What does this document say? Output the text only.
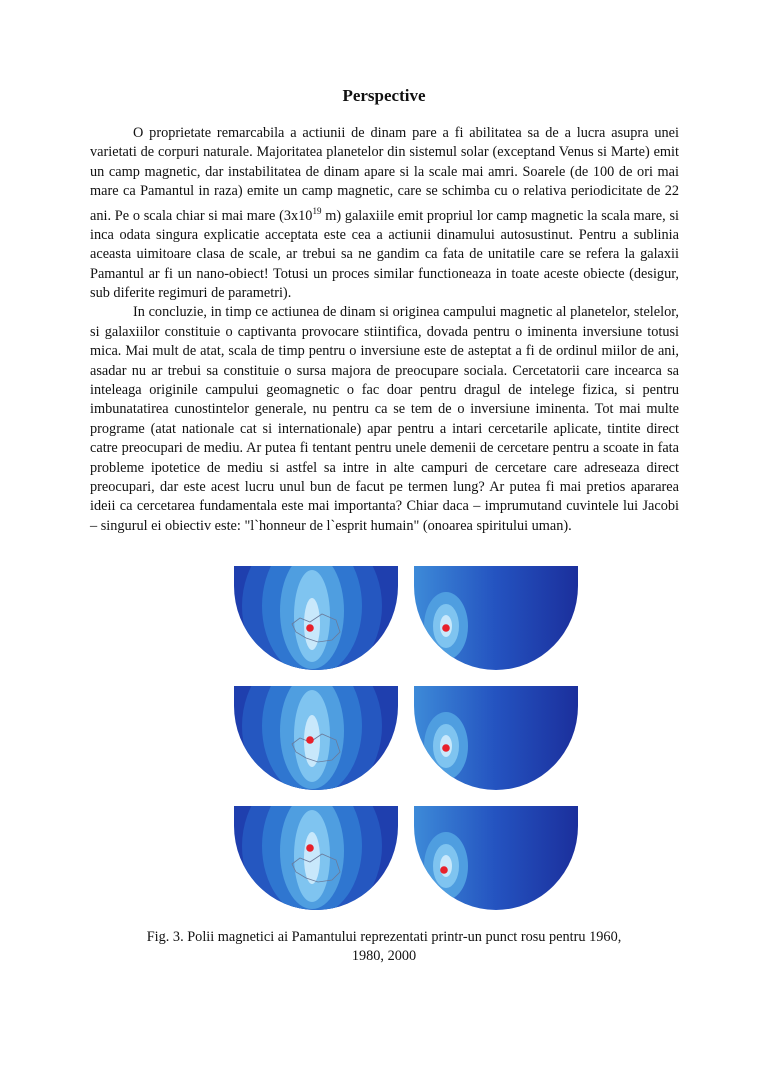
Perspective

O proprietate remarcabila a actiunii de dinam pare a fi abilitatea sa de a lucra asupra unei varietati de corpuri naturale. Majoritatea planetelor din sistemul solar (exceptand Venus si Marte) emit un camp magnetic, dar instabilitatea de dinam apare si la scale mai amri. Soarele (de 100 de ori mai mare ca Pamantul in raza) emite un camp magnetic, care se schimba cu o relativa periodicitate de 22 ani. Pe o scala chiar si mai mare ($3x10^{19}$ m) galaxiile emit propriul lor camp magnetic la scala mare, si inca odata singura explicatie acceptata este cea a actiunii dinamului autosustinut. Pentru a sublinia aceasta uimitoare clasa de scale, ar trebui sa ne gandim ca fata de unitatile care se refera la galaxii Pamantul ar fi un nano-obiect! Totusi un proces similar functioneaza in toate aceste obiecte (desigur, sub diferite regimuri de parametri).

In concluzie, in timp ce actiunea de dinam si originea campului magnetic al planetelor, stelelor, si galaxiilor constituie o captivanta provocare stiintifica, dovada pentru o iminenta inversiune totusi mica. Mai mult de atat, scala de timp pentru o inversiune este de asteptat a fi de ordinul miilor de ani, asadar nu ar trebui sa constituie o sursa majora de preocupare sociala. Cercetatorii care incearca sa inteleaga originile campului geomagnetic o fac doar pentru dragul de intelege fizica, si pentru imbunatatirea cunostintelor generale, nu pentru ca se tem de o inversiune iminenta. Tot mai multe programe (atat nationale cat si internationale) apar pentru a intari cercetarile aplicate, tintite direct catre preocupari de mediu. Ar putea fi tentant pentru unele demenii de cercetare pentru a scoate in fata probleme ipotetice de mediu si astfel sa intre in alte campuri de cercetare care adreseaza direct preocupari, dar este acest lucru unul bun de facut pe termen lung? Ar putea fi mai pretios apararea ideii ca cercetarea fundamentala este mai importanta? Chiar daca – imprumutand cuvintele lui Jacobi – singurul ei obiectiv este: "l`honneur de l`esprit humain" (onoarea spiritului uman).

Fig. 3. Polii magnetici ai Pamantului reprezentati printr-un punct rosu pentru 1960,
1980, 2000
